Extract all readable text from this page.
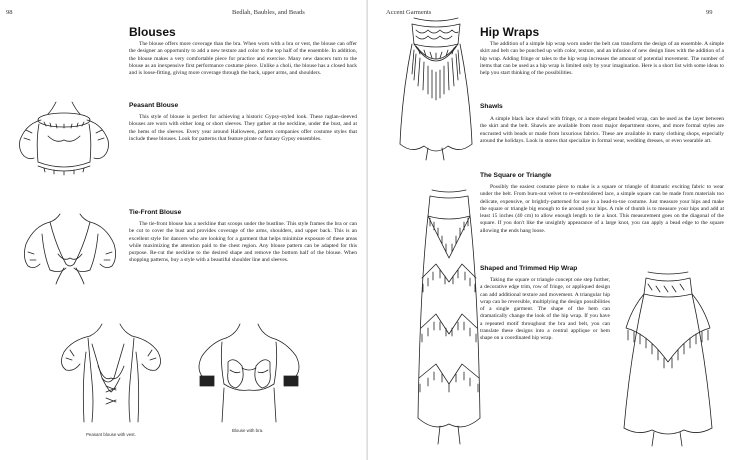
98	Bedlah, Baubles, and Beads
Blouses
The blouse offers more coverage than the bra. When worn with a bra or vest, the blouse can offer the designer an opportunity to add a new texture and color to the top half of the ensemble. In addition, the blouse makes a very comfortable piece for practice and exercise. Many new dancers turn to the blouse as an inexpensive first performance costume piece. Unlike a choli, the blouse has a closed back and is loose-fitting, giving more coverage through the back, upper arms, and shoulders.
Peasant Blouse
This style of blouse is perfect for achieving a historic Gypsy-styled look. These raglan-sleeved blouses are worn with either long or short sleeves. They gather at the neckline, under the bust, and at the hems of the sleeves. Every year around Halloween, pattern companies offer costume styles that include these blouses. Look for patterns that feature pirate or fantasy Gypsy ensembles.
Tie-Front Blouse
The tie-front blouse has a neckline that scoops under the bustline. This style frames the bra or can be cut to cover the bust and provides coverage of the arms, shoulders, and upper back. This is an excellent style for dancers who are looking for a garment that helps minimize exposure of these areas while maximizing the attention paid to the chest region. Any blouse pattern can be adapted for this purpose. Re-cut the neckline to the desired shape and remove the bottom half of the blouse. When shopping patterns, buy a style with a beautiful shoulder line and sleeves.
Peasant blouse with vest.
Blouse with bra.
Accent Garments	99
Hip Wraps
The addition of a simple hip wrap worn under the belt can transform the design of an ensemble. A simple skirt and belt can be punched up with color, texture, and an infusion of new design lines with the addition of a hip wrap. Adding fringe or tales to the hip wrap increases the amount of potential movement. The number of items that can be used as a hip wrap is limited only by your imagination. Here is a short list with some ideas to help you start thinking of the possibilities.
Shawls
A simple black lace shawl with fringe, or a more elegant beaded wrap, can be used as the layer between the skirt and the belt. Shawls are available from most major department stores, and more formal styles are encrusted with beads or made from luxurious fabrics. These are available in many clothing shops, especially around the holidays. Look in stores that specialize in formal wear, wedding dresses, or even wearable art.
The Square or Triangle
Possibly the easiest costume piece to make is a square or triangle of dramatic exciting fabric to wear under the belt. From burn-out velvet to re-embroidered lace, a simple square can be made from materials too delicate, expensive, or brightly-patterned for use in a head-to-toe costume. Just measure your hips and make the square or triangle big enough to tie around your hips. A rule of thumb is to measure your hips and add at least 15 inches (40 cm) to allow enough length to tie a knot. This measurement goes on the diagonal of the square. If you don't like the unsightly appearance of a large knot, you can apply a bead edge to the square allowing the ends hang loose.
Shaped and Trimmed Hip Wrap
Taking the square or triangle concept one step further, a decorative edge trim, row of fringe, or appliqued design can add additional texture and movement. A triangular hip wrap can be reversible, multiplying the design possibilities of a single garment. The shape of the hem can dramatically change the look of the hip wrap. If you have a repeated motif throughout the bra and belt, you can translate these designs into a central applique or hem shape on a coordinated hip wrap.
